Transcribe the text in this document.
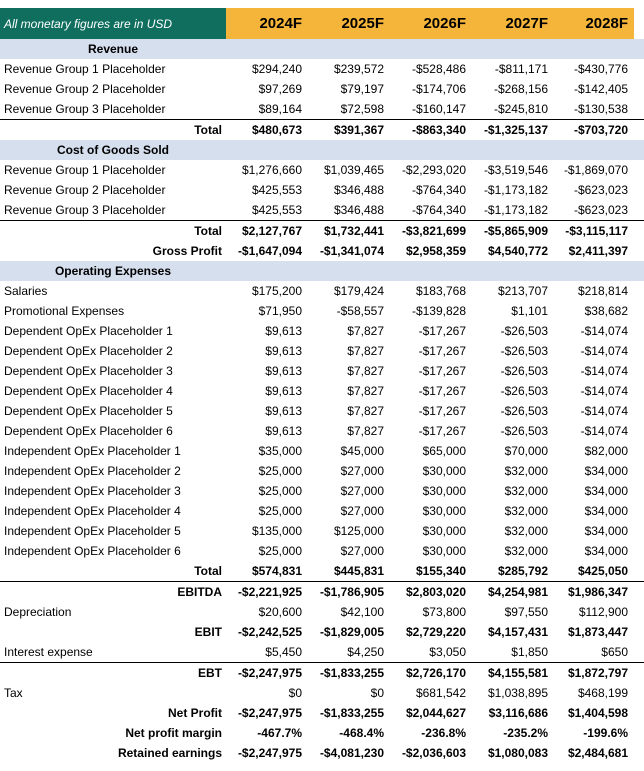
All monetary figures are in USD	2024F	2025F	2026F	2027F	2028F
Revenue
Revenue Group 1 Placeholder	$294,240	$239,572	-$528,486	-$811,171	-$430,776
Revenue Group 2 Placeholder	$97,269	$79,197	-$174,706	-$268,156	-$142,405
Revenue Group 3 Placeholder	$89,164	$72,598	-$160,147	-$245,810	-$130,538
Total	$480,673	$391,367	-$863,340	-$1,325,137	-$703,720
Cost of Goods Sold
Revenue Group 1 Placeholder	$1,276,660	$1,039,465	-$2,293,020	-$3,519,546	-$1,869,070
Revenue Group 2 Placeholder	$425,553	$346,488	-$764,340	-$1,173,182	-$623,023
Revenue Group 3 Placeholder	$425,553	$346,488	-$764,340	-$1,173,182	-$623,023
Total	$2,127,767	$1,732,441	-$3,821,699	-$5,865,909	-$3,115,117
Gross Profit	-$1,647,094	-$1,341,074	$2,958,359	$4,540,772	$2,411,397
Operating Expenses
Salaries	$175,200	$179,424	$183,768	$213,707	$218,814
Promotional Expenses	$71,950	-$58,557	-$139,828	$1,101	$38,682
Dependent OpEx Placeholder 1	$9,613	$7,827	-$17,267	-$26,503	-$14,074
Dependent OpEx Placeholder 2	$9,613	$7,827	-$17,267	-$26,503	-$14,074
Dependent OpEx Placeholder 3	$9,613	$7,827	-$17,267	-$26,503	-$14,074
Dependent OpEx Placeholder 4	$9,613	$7,827	-$17,267	-$26,503	-$14,074
Dependent OpEx Placeholder 5	$9,613	$7,827	-$17,267	-$26,503	-$14,074
Dependent OpEx Placeholder 6	$9,613	$7,827	-$17,267	-$26,503	-$14,074
Independent OpEx Placeholder 1	$35,000	$45,000	$65,000	$70,000	$82,000
Independent OpEx Placeholder 2	$25,000	$27,000	$30,000	$32,000	$34,000
Independent OpEx Placeholder 3	$25,000	$27,000	$30,000	$32,000	$34,000
Independent OpEx Placeholder 4	$25,000	$27,000	$30,000	$32,000	$34,000
Independent OpEx Placeholder 5	$135,000	$125,000	$30,000	$32,000	$34,000
Independent OpEx Placeholder 6	$25,000	$27,000	$30,000	$32,000	$34,000
Total	$574,831	$445,831	$155,340	$285,792	$425,050
EBITDA	-$2,221,925	-$1,786,905	$2,803,020	$4,254,981	$1,986,347
Depreciation	$20,600	$42,100	$73,800	$97,550	$112,900
EBIT	-$2,242,525	-$1,829,005	$2,729,220	$4,157,431	$1,873,447
Interest expense	$5,450	$4,250	$3,050	$1,850	$650
EBT	-$2,247,975	-$1,833,255	$2,726,170	$4,155,581	$1,872,797
Tax	$0	$0	$681,542	$1,038,895	$468,199
Net Profit	-$2,247,975	-$1,833,255	$2,044,627	$3,116,686	$1,404,598
Net profit margin	-467.7%	-468.4%	-236.8%	-235.2%	-199.6%
Retained earnings	-$2,247,975	-$4,081,230	-$2,036,603	$1,080,083	$2,484,681
